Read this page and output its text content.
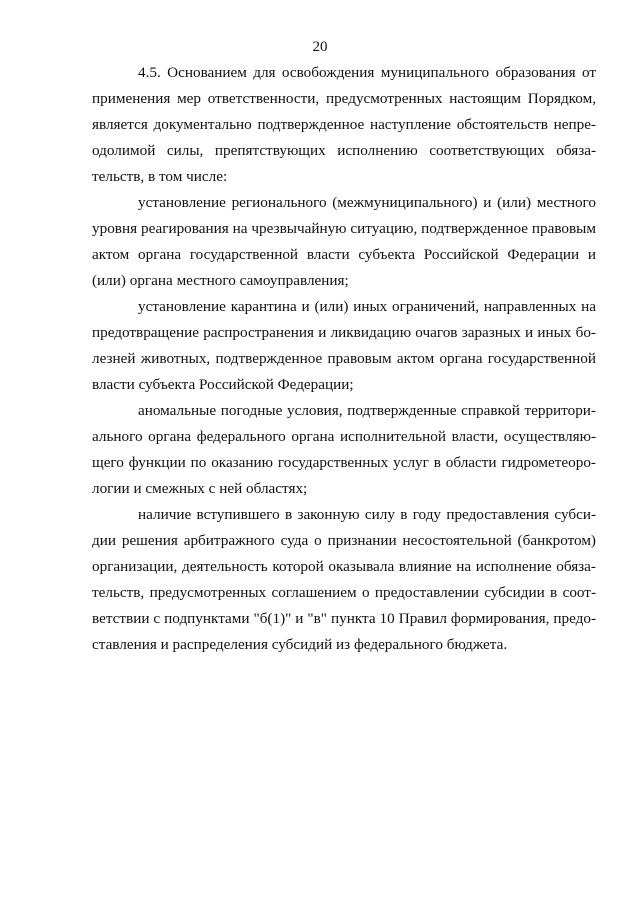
20
4.5. Основанием для освобождения муниципального образования от
применения мер ответственности, предусмотренных настоящим Порядком,
является документально подтвержденное наступление обстоятельств непре-
одолимой силы, препятствующих исполнению соответствующих обяза-
тельств, в том числе:
установление регионального (межмуниципального) и (или) местного
уровня реагирования на чрезвычайную ситуацию, подтвержденное правовым
актом органа государственной власти субъекта Российской Федерации и
(или) органа местного самоуправления;
установление карантина и (или) иных ограничений, направленных на
предотвращение распространения и ликвидацию очагов заразных и иных бо-
лезней животных, подтвержденное правовым актом органа государственной
власти субъекта Российской Федерации;
аномальные погодные условия, подтвержденные справкой территори-
ального органа федерального органа исполнительной власти, осуществляю-
щего функции по оказанию государственных услуг в области гидрометеоро-
логии и смежных с ней областях;
наличие вступившего в законную силу в году предоставления субси-
дии решения арбитражного суда о признании несостоятельной (банкротом)
организации, деятельность которой оказывала влияние на исполнение обяза-
тельств, предусмотренных соглашением о предоставлении субсидии в соот-
ветствии с подпунктами "б(1)" и "в" пункта 10 Правил формирования, предо-
ставления и распределения субсидий из федерального бюджета.
